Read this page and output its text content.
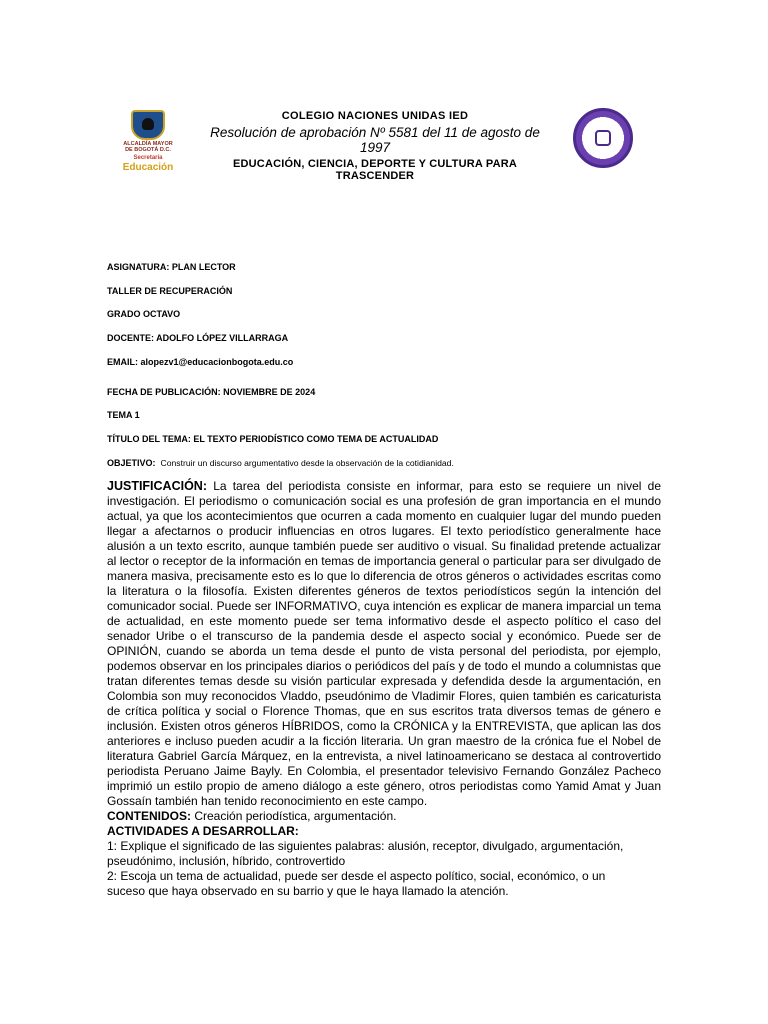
ALCALDÍA MAYOR
DE BOGOTÁ D.C.
Secretaría
Educación
COLEGIO NACIONES UNIDAS IED
Resolución de aprobación Nº 5581 del 11 de agosto de 1997
EDUCACIÓN, CIENCIA, DEPORTE Y CULTURA PARA TRASCENDER
ASIGNATURA: PLAN LECTOR
TALLER DE RECUPERACIÓN
GRADO OCTAVO
DOCENTE: ADOLFO LÓPEZ VILLARRAGA
EMAIL: alopezv1@educacionbogota.edu.co
FECHA DE PUBLICACIÓN: NOVIEMBRE DE 2024
TEMA 1
TÍTULO DEL TEMA: EL TEXTO PERIODÍSTICO COMO TEMA DE ACTUALIDAD
OBJETIVO: Construir un discurso argumentativo desde la observación de la cotidianidad.
JUSTIFICACIÓN: La tarea del periodista consiste en informar, para esto se requiere un nivel de investigación. El periodismo o comunicación social es una profesión de gran importancia en el mundo actual, ya que los acontecimientos que ocurren a cada momento en cualquier lugar del mundo pueden llegar a afectarnos o producir influencias en otros lugares. El texto periodístico generalmente hace alusión a un texto escrito, aunque también puede ser auditivo o visual. Su finalidad pretende actualizar al lector o receptor de la información en temas de importancia general o particular para ser divulgado de manera masiva, precisamente esto es lo que lo diferencia de otros géneros o actividades escritas como la literatura o la filosofía. Existen diferentes géneros de textos periodísticos según la intención del comunicador social. Puede ser INFORMATIVO, cuya intención es explicar de manera imparcial un tema de actualidad, en este momento puede ser tema informativo desde el aspecto político el caso del senador Uribe o el transcurso de la pandemia desde el aspecto social y económico. Puede ser de OPINIÓN, cuando se aborda un tema desde el punto de vista personal del periodista, por ejemplo, podemos observar en los principales diarios o periódicos del país y de todo el mundo a columnistas que tratan diferentes temas desde su visión particular expresada y defendida desde la argumentación, en Colombia son muy reconocidos Vladdo, pseudónimo de Vladimir Flores, quien también es caricaturista de crítica política y social o Florence Thomas, que en sus escritos trata diversos temas de género e inclusión. Existen otros géneros HÍBRIDOS, como la CRÓNICA y la ENTREVISTA, que aplican las dos anteriores e incluso pueden acudir a la ficción literaria. Un gran maestro de la crónica fue el Nobel de literatura Gabriel García Márquez, en la entrevista, a nivel latinoamericano se destaca al controvertido periodista Peruano Jaime Bayly. En Colombia, el presentador televisivo Fernando González Pacheco imprimió un estilo propio de ameno diálogo a este género, otros periodistas como Yamid Amat y Juan Gossaín también han tenido reconocimiento en este campo.
CONTENIDOS: Creación periodística, argumentación.
ACTIVIDADES A DESARROLLAR:
1: Explique el significado de las siguientes palabras: alusión, receptor, divulgado, argumentación,
pseudónimo, inclusión, híbrido, controvertido
2: Escoja un tema de actualidad, puede ser desde el aspecto político, social, económico, o un
suceso que haya observado en su barrio y que le haya llamado la atención.
